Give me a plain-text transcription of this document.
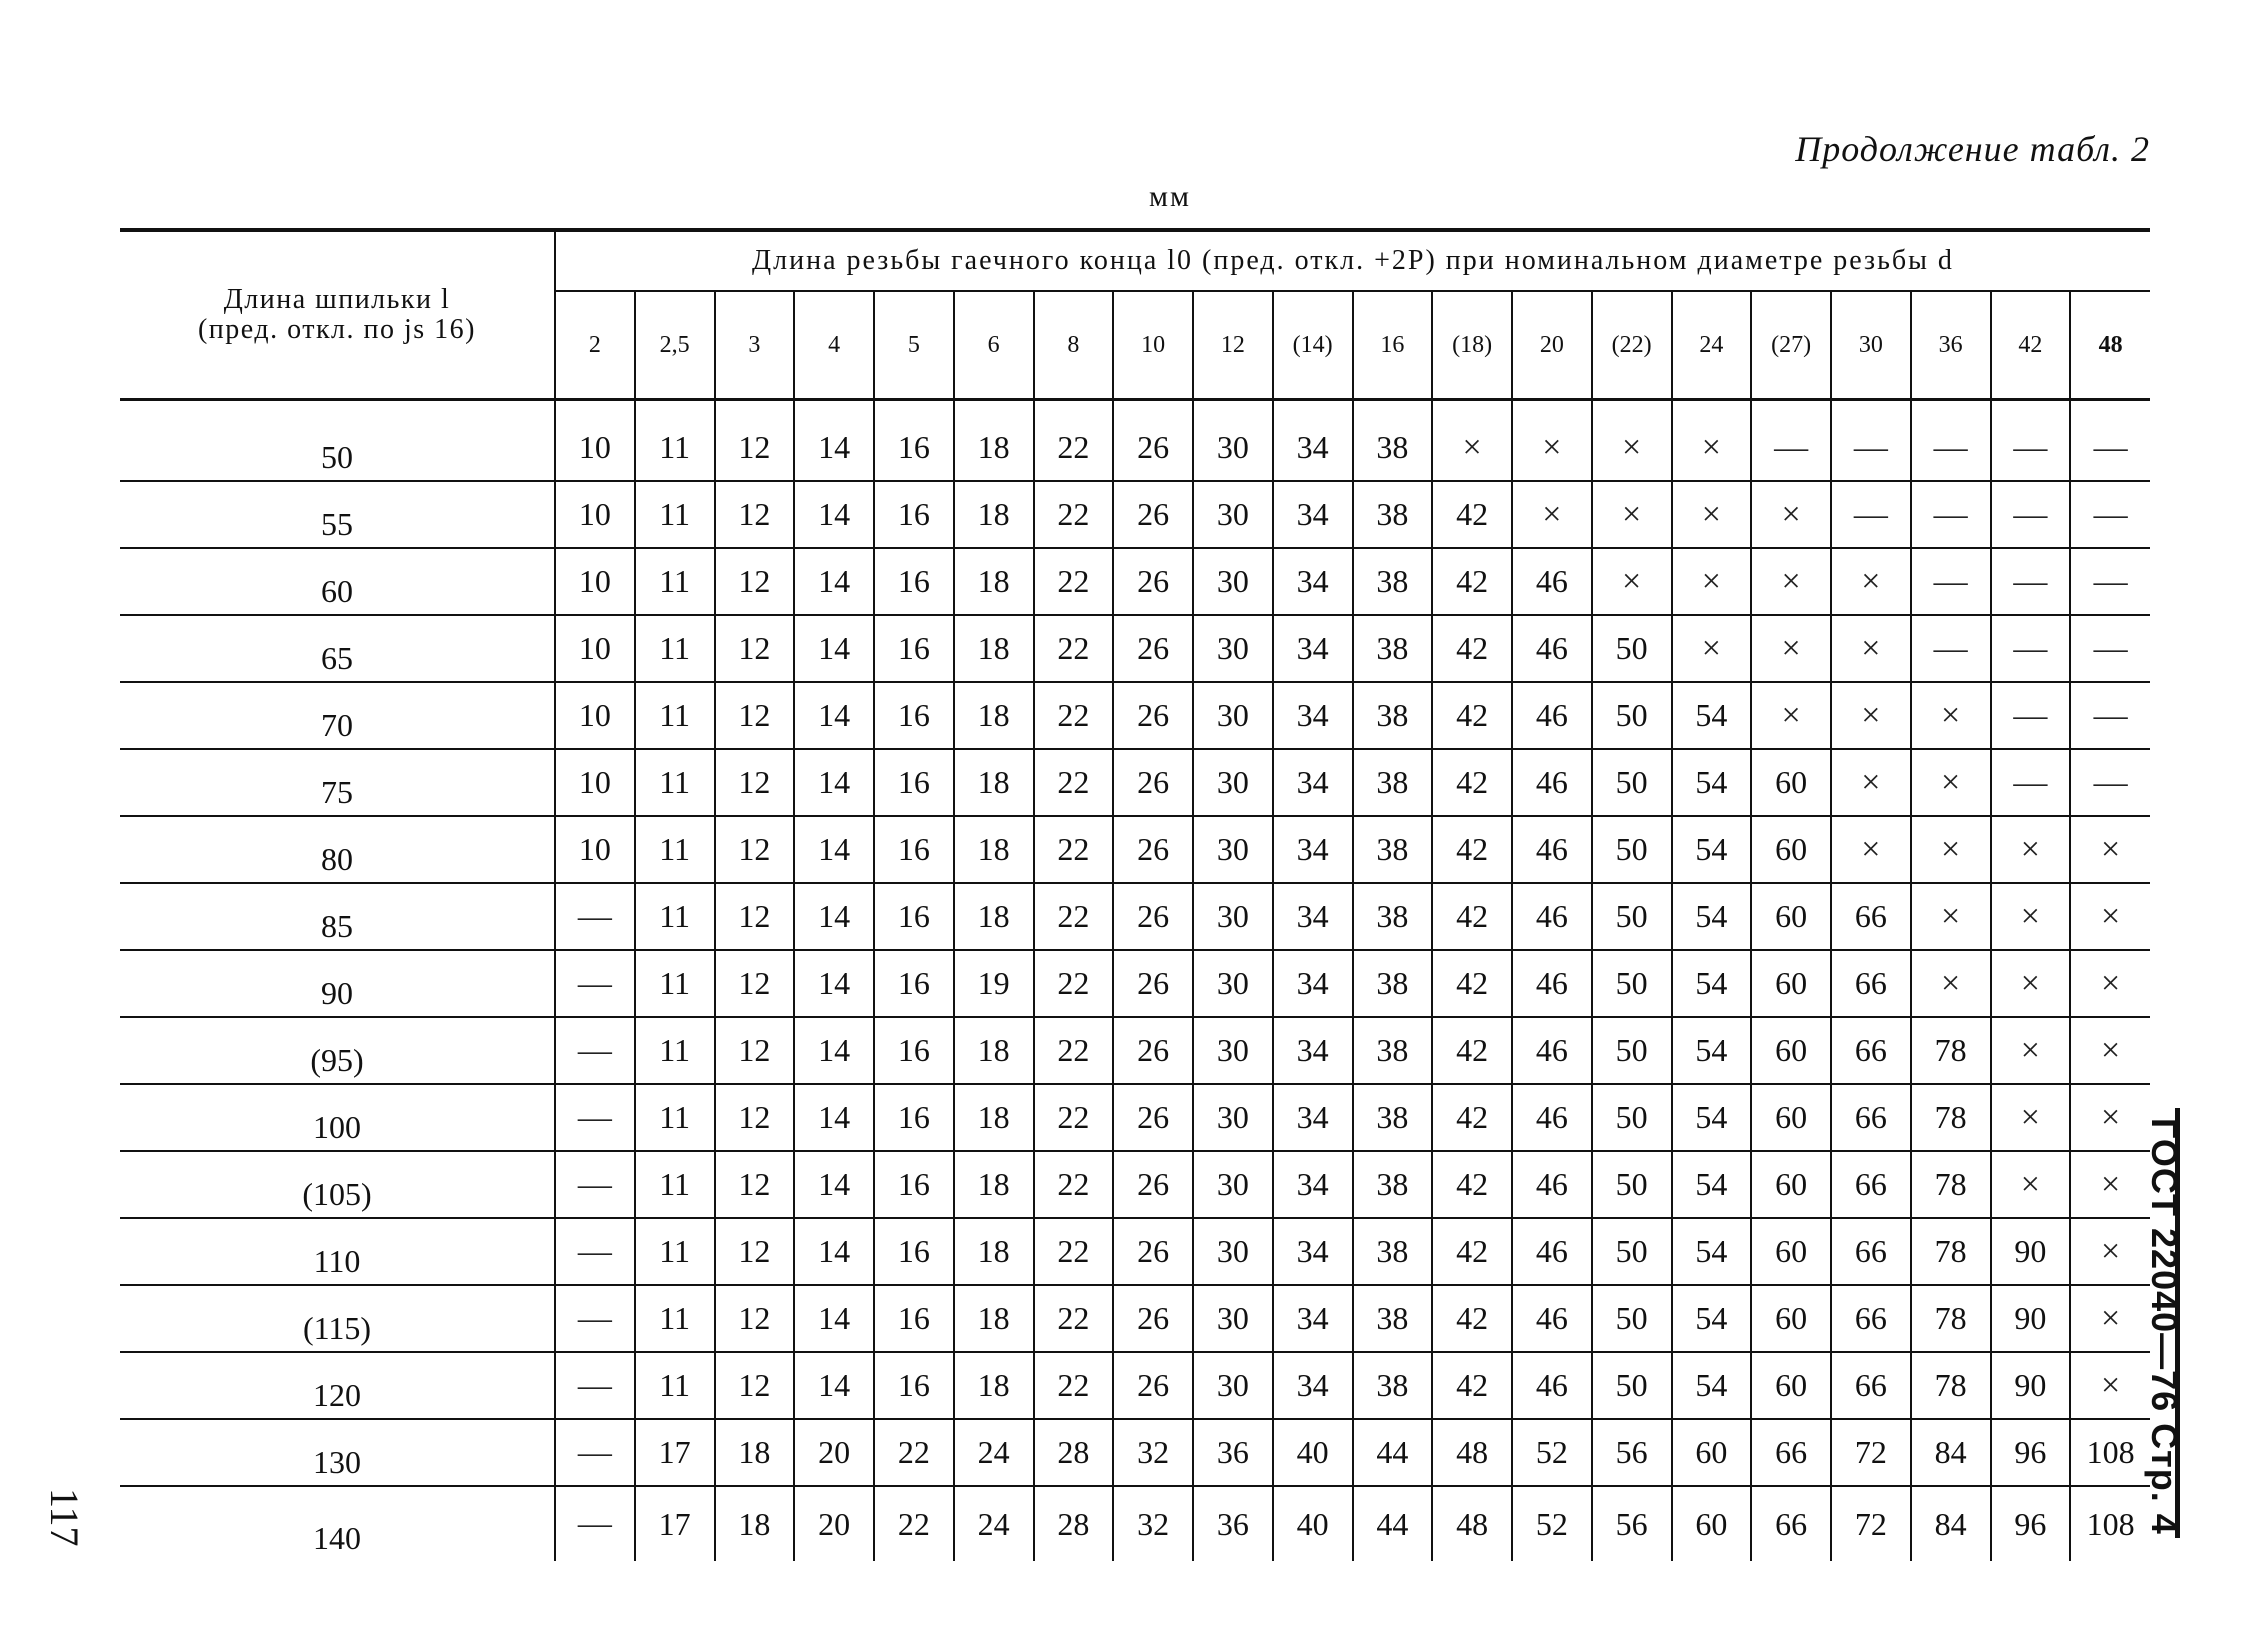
Продолжение табл. 2
мм
Длина шпильки l
(пред. откл. по js 16)	Длина резьбы гаечного конца l0 (пред. откл. +2P) при номинальном диаметре резьбы d																			
	2	2,5	3	4	5	6	8	10	12	(14)	16	(18)	20	(22)	24	(27)	30	36	42	48

50	10	11	12	14	16	18	22	26	30	34	38	×	×	×	×	—	—	—	—	—
55	10	11	12	14	16	18	22	26	30	34	38	42	×	×	×	×	—	—	—	—
60	10	11	12	14	16	18	22	26	30	34	38	42	46	×	×	×	×	—	—	—
65	10	11	12	14	16	18	22	26	30	34	38	42	46	50	×	×	×	—	—	—
70	10	11	12	14	16	18	22	26	30	34	38	42	46	50	54	×	×	×	—	—
75	10	11	12	14	16	18	22	26	30	34	38	42	46	50	54	60	×	×	—	—
80	10	11	12	14	16	18	22	26	30	34	38	42	46	50	54	60	×	×	×	×
85	—	11	12	14	16	18	22	26	30	34	38	42	46	50	54	60	66	×	×	×
90	—	11	12	14	16	19	22	26	30	34	38	42	46	50	54	60	66	×	×	×
(95)	—	11	12	14	16	18	22	26	30	34	38	42	46	50	54	60	66	78	×	×
100	—	11	12	14	16	18	22	26	30	34	38	42	46	50	54	60	66	78	×	×
(105)	—	11	12	14	16	18	22	26	30	34	38	42	46	50	54	60	66	78	×	×
110	—	11	12	14	16	18	22	26	30	34	38	42	46	50	54	60	66	78	90	×
(115)	—	11	12	14	16	18	22	26	30	34	38	42	46	50	54	60	66	78	90	×
120	—	11	12	14	16	18	22	26	30	34	38	42	46	50	54	60	66	78	90	×
130	—	17	18	20	22	24	28	32	36	40	44	48	52	56	60	66	72	84	96	108
140	—	17	18	20	22	24	28	32	36	40	44	48	52	56	60	66	72	84	96	108 ГОСТ 22040—76 Стр. 4
117
